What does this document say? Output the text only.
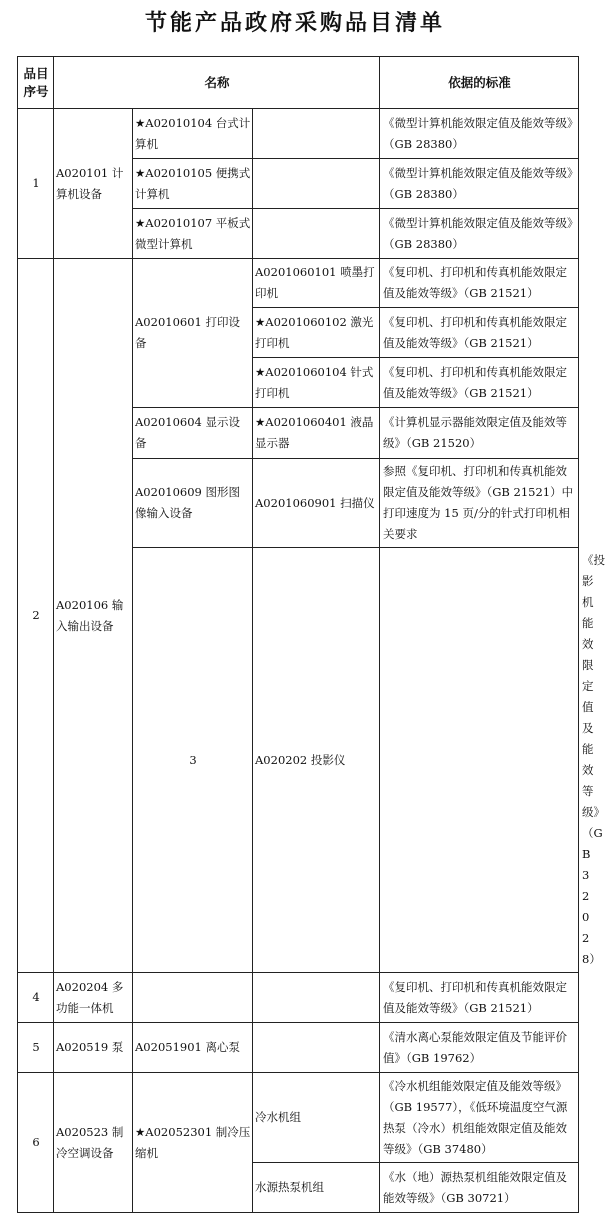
节能产品政府采购品目清单
品目序号	名称			依据的标准	
1	A020101 计算机设备	★A02010104 台式计算机		《微型计算机能效限定值及能效等级》（GB 28380）	
		★A02010105 便携式计算机		《微型计算机能效限定值及能效等级》（GB 28380）	
		★A02010107 平板式微型计算机		《微型计算机能效限定值及能效等级》（GB 28380）	
2	A020106 输入输出设备	A02010601 打印设备	A0201060101 喷墨打印机	《复印机、打印机和传真机能效限定值及能效等级》（GB 21521）	
			★A0201060102 激光打印机	《复印机、打印机和传真机能效限定值及能效等级》（GB 21521）	
			★A0201060104 针式打印机	《复印机、打印机和传真机能效限定值及能效等级》（GB 21521）	
		A02010604 显示设备	★A0201060401 液晶显示器	《计算机显示器能效限定值及能效等级》（GB 21520）	
		A02010609 图形图像输入设备	A0201060901 扫描仪	参照《复印机、打印机和传真机能效限定值及能效等级》（GB 21521）中打印速度为 15 页/分的针式打印机相关要求	
		3	A020202 投影仪			《投影机能效限定值及能效等级》（GB 32028）
4	A020204 多功能一体机			《复印机、打印机和传真机能效限定值及能效等级》（GB 21521）	
5	A020519 泵	A02051901 离心泵		《清水离心泵能效限定值及节能评价值》（GB 19762）	
6	A020523 制冷空调设备	★A02052301 制冷压缩机	冷水机组	《冷水机组能效限定值及能效等级》（GB 19577），《低环境温度空气源热泵（冷水）机组能效限定值及能效等级》（GB 37480）	
			水源热泵机组	《水（地）源热泵机组能效限定值及能效等级》（GB 30721）	
